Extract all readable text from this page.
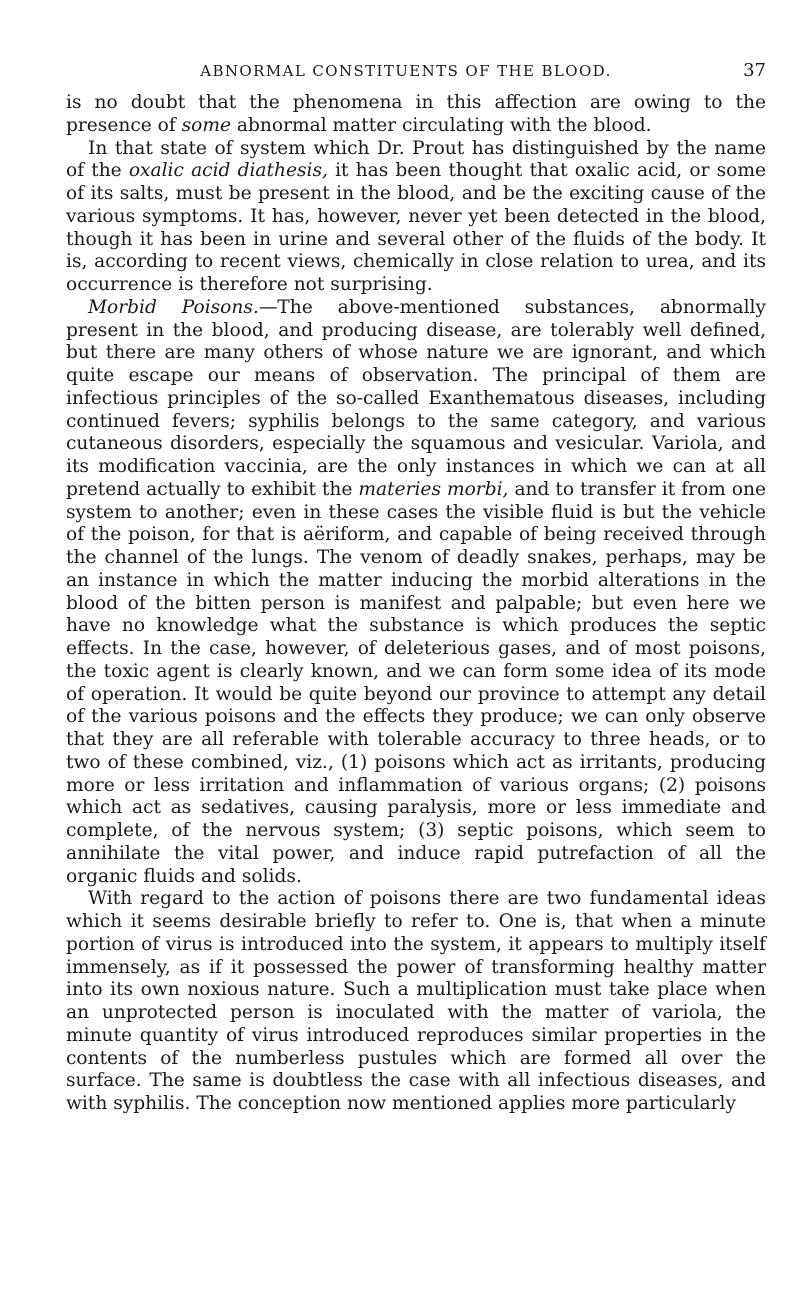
ABNORMAL CONSTITUENTS OF THE BLOOD.	37

is no doubt that the phenomena in this affection are owing to the presence of some abnormal matter circulating with the blood.

In that state of system which Dr. Prout has distinguished by the name of the oxalic acid diathesis, it has been thought that oxalic acid, or some of its salts, must be present in the blood, and be the exciting cause of the various symptoms. It has, however, never yet been detected in the blood, though it has been in urine and several other of the fluids of the body. It is, according to recent views, chemically in close relation to urea, and its occurrence is therefore not surprising.

Morbid Poisons.—The above-mentioned substances, abnormally present in the blood, and producing disease, are tolerably well defined, but there are many others of whose nature we are ignorant, and which quite escape our means of observation. The principal of them are infectious principles of the so-called Exanthematous diseases, including continued fevers; syphilis belongs to the same category, and various cutaneous disorders, especially the squamous and vesicular. Variola, and its modification vaccinia, are the only instances in which we can at all pretend actually to exhibit the materies morbi, and to transfer it from one system to another; even in these cases the visible fluid is but the vehicle of the poison, for that is aëriform, and capable of being received through the channel of the lungs. The venom of deadly snakes, perhaps, may be an instance in which the matter inducing the morbid alterations in the blood of the bitten person is manifest and palpable; but even here we have no knowledge what the substance is which produces the septic effects. In the case, however, of deleterious gases, and of most poisons, the toxic agent is clearly known, and we can form some idea of its mode of operation. It would be quite beyond our province to attempt any detail of the various poisons and the effects they produce; we can only observe that they are all referable with tolerable accuracy to three heads, or to two of these combined, viz., (1) poisons which act as irritants, producing more or less irritation and inflammation of various organs; (2) poisons which act as sedatives, causing paralysis, more or less immediate and complete, of the nervous system; (3) septic poisons, which seem to annihilate the vital power, and induce rapid putrefaction of all the organic fluids and solids.

With regard to the action of poisons there are two fundamental ideas which it seems desirable briefly to refer to. One is, that when a minute portion of virus is introduced into the system, it appears to multiply itself immensely, as if it possessed the power of transforming healthy matter into its own noxious nature. Such a multiplication must take place when an unprotected person is inoculated with the matter of variola, the minute quantity of virus introduced reproduces similar properties in the contents of the numberless pustules which are formed all over the surface. The same is doubtless the case with all infectious diseases, and with syphilis. The conception now mentioned applies more particularly
